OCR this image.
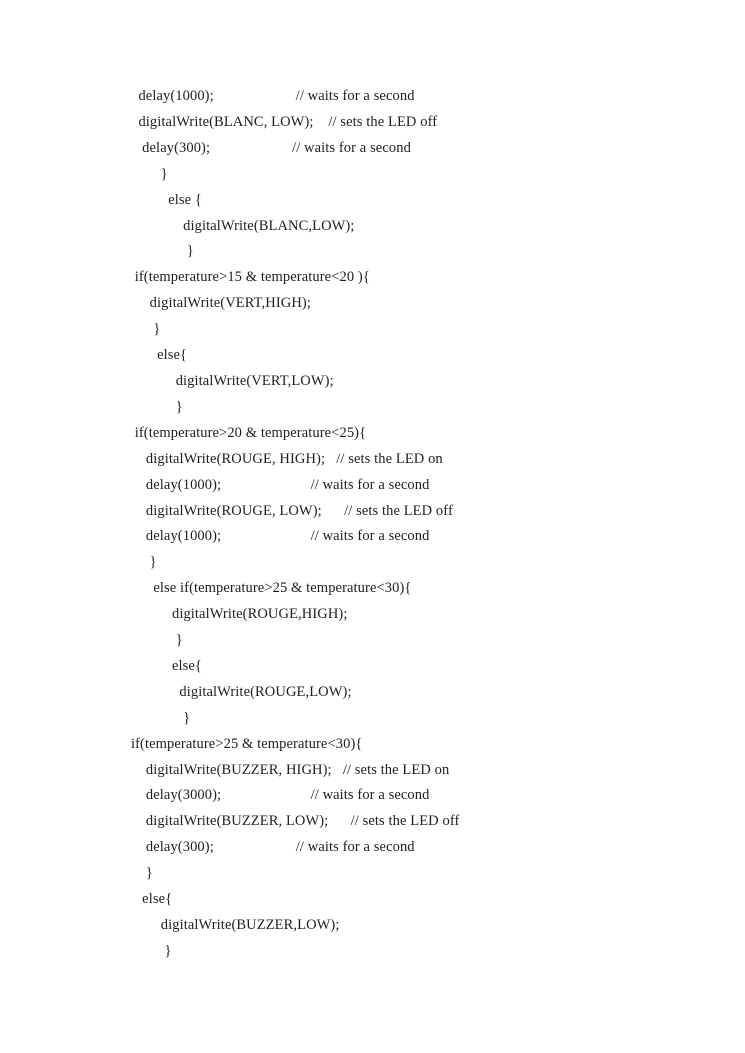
delay(1000);                      // waits for a second
digitalWrite(BLANC, LOW);    // sets the LED off
delay(300);                      // waits for a second
}
else {
digitalWrite(BLANC,LOW);
}
if(temperature>15 & temperature<20 ){
digitalWrite(VERT,HIGH);
}
else{
digitalWrite(VERT,LOW);
}
if(temperature>20 & temperature<25){
digitalWrite(ROUGE, HIGH);   // sets the LED on
delay(1000);                        // waits for a second
digitalWrite(ROUGE, LOW);      // sets the LED off
delay(1000);                        // waits for a second
}
else if(temperature>25 & temperature<30){
digitalWrite(ROUGE,HIGH);
}
else{
digitalWrite(ROUGE,LOW);
}
if(temperature>25 & temperature<30){
digitalWrite(BUZZER, HIGH);   // sets the LED on
delay(3000);                        // waits for a second
digitalWrite(BUZZER, LOW);      // sets the LED off
delay(300);                      // waits for a second
}
else{
digitalWrite(BUZZER,LOW);
}
